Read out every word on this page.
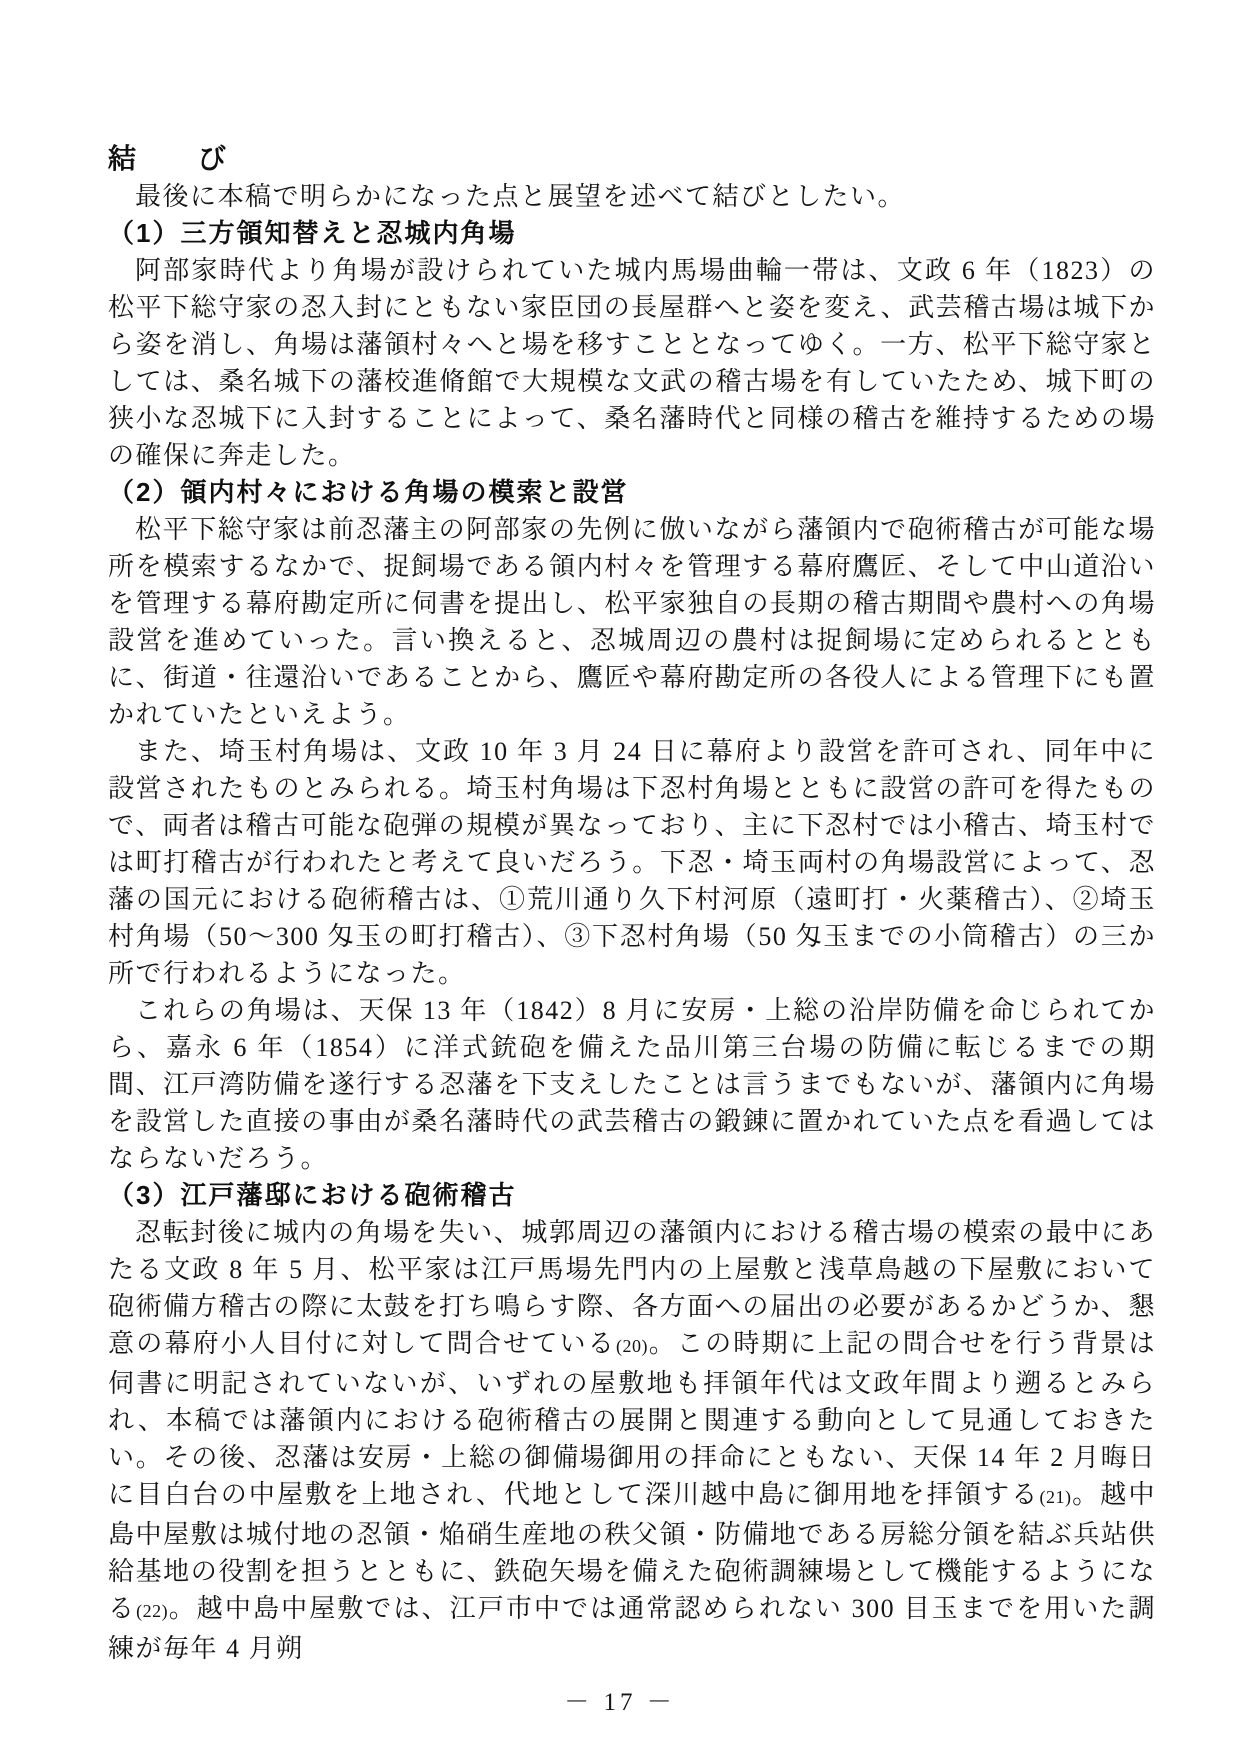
結　　び

最後に本稿で明らかになった点と展望を述べて結びとしたい。

（1）三方領知替えと忍城内角場

阿部家時代より角場が設けられていた城内馬場曲輪一帯は、文政 6 年（1823）の松平下総守家の忍入封にともない家臣団の長屋群へと姿を変え、武芸稽古場は城下から姿を消し、角場は藩領村々へと場を移すこととなってゆく。一方、松平下総守家としては、桑名城下の藩校進脩館で大規模な文武の稽古場を有していたため、城下町の狭小な忍城下に入封することによって、桑名藩時代と同様の稽古を維持するための場の確保に奔走した。

（2）領内村々における角場の模索と設営

松平下総守家は前忍藩主の阿部家の先例に倣いながら藩領内で砲術稽古が可能な場所を模索するなかで、捉飼場である領内村々を管理する幕府鷹匠、そして中山道沿いを管理する幕府勘定所に伺書を提出し、松平家独自の長期の稽古期間や農村への角場設営を進めていった。言い換えると、忍城周辺の農村は捉飼場に定められるとともに、街道・往還沿いであることから、鷹匠や幕府勘定所の各役人による管理下にも置かれていたといえよう。

また、埼玉村角場は、文政 10 年 3 月 24 日に幕府より設営を許可され、同年中に設営されたものとみられる。埼玉村角場は下忍村角場とともに設営の許可を得たもので、両者は稽古可能な砲弾の規模が異なっており、主に下忍村では小稽古、埼玉村では町打稽古が行われたと考えて良いだろう。下忍・埼玉両村の角場設営によって、忍藩の国元における砲術稽古は、①荒川通り久下村河原（遠町打・火薬稽古）、②埼玉村角場（50～300 匁玉の町打稽古）、③下忍村角場（50 匁玉までの小筒稽古）の三か所で行われるようになった。

これらの角場は、天保 13 年（1842）8 月に安房・上総の沿岸防備を命じられてから、嘉永 6 年（1854）に洋式銃砲を備えた品川第三台場の防備に転じるまでの期間、江戸湾防備を遂行する忍藩を下支えしたことは言うまでもないが、藩領内に角場を設営した直接の事由が桑名藩時代の武芸稽古の鍛錬に置かれていた点を看過してはならないだろう。

（3）江戸藩邸における砲術稽古

忍転封後に城内の角場を失い、城郭周辺の藩領内における稽古場の模索の最中にあたる文政 8 年 5 月、松平家は江戸馬場先門内の上屋敷と浅草鳥越の下屋敷において砲術備方稽古の際に太鼓を打ち鳴らす際、各方面への届出の必要があるかどうか、懇意の幕府小人目付に対して問合せている(20)。この時期に上記の問合せを行う背景は伺書に明記されていないが、いずれの屋敷地も拝領年代は文政年間より遡るとみられ、本稿では藩領内における砲術稽古の展開と関連する動向として見通しておきたい。その後、忍藩は安房・上総の御備場御用の拝命にともない、天保 14 年 2 月晦日に目白台の中屋敷を上地され、代地として深川越中島に御用地を拝領する(21)。越中島中屋敷は城付地の忍領・焔硝生産地の秩父領・防備地である房総分領を結ぶ兵站供給基地の役割を担うとともに、鉄砲矢場を備えた砲術調練場として機能するようになる(22)。越中島中屋敷では、江戸市中では通常認められない 300 目玉までを用いた調練が毎年 4 月朔

－ 17 －
